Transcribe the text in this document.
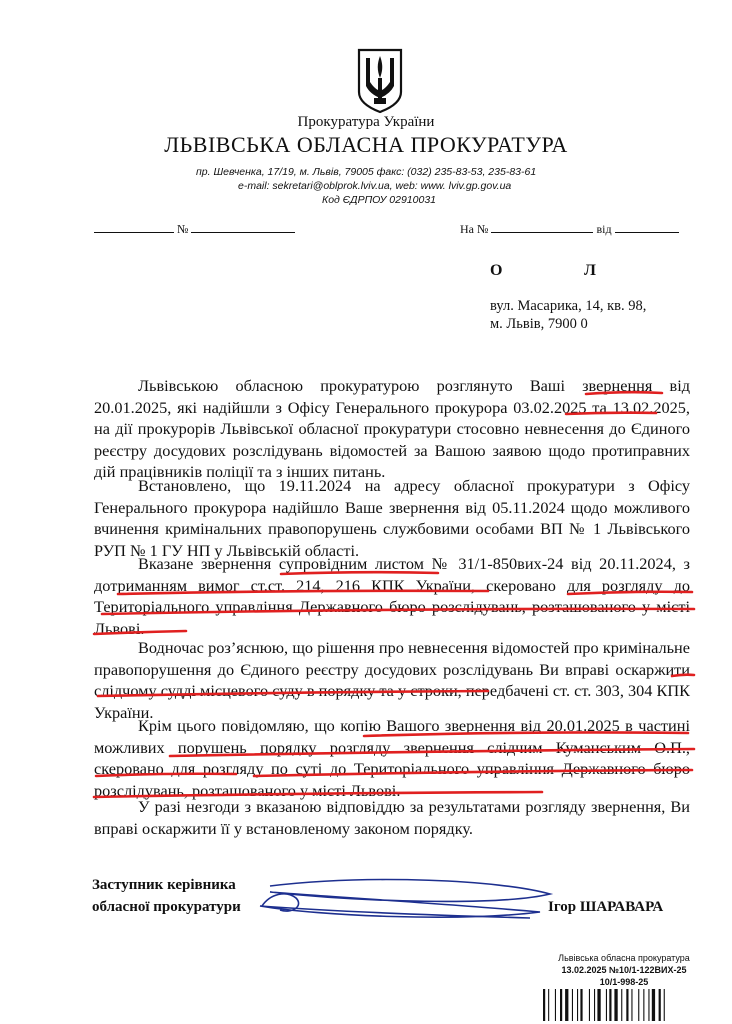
Прокуратура України
ЛЬВІВСЬКА ОБЛАСНА ПРОКУРАТУРА
пр. Шевченка, 17/19, м. Львів, 79005 факс: (032) 235-83-53, 235-83-61
e-mail: sekretari@oblprok.lviv.ua, web: www. lviv.gp.gov.ua
Код ЄДРПОУ 02910031
№	На №	від
О	Л
вул. Масарика, 14, кв. 98,
м. Львів, 7900 0
Львівською обласною прокуратурою розглянуто Ваші звернення від 20.01.2025, які надійшли з Офісу Генерального прокурора 03.02.2025 та 13.02.2025, на дії прокурорів Львівської обласної прокуратури стосовно невнесення до Єдиного реєстру досудових розслідувань відомостей за Вашою заявою щодо протиправних дій працівників поліції та з інших питань.
Встановлено, що 19.11.2024 на адресу обласної прокуратури з Офісу Генерального прокурора надійшло Ваше звернення від 05.11.2024 щодо можливого вчинення кримінальних правопорушень службовими особами ВП № 1 Львівського РУП № 1 ГУ НП у Львівській області.
Вказане звернення супровідним листом № 31/1-850вих-24 від 20.11.2024, з дотриманням вимог ст.ст. 214, 216 КПК України, скеровано для розгляду до Територіального управління Державного бюро розслідувань, розташованого у місті Львові.
Водночас роз’яснюю, що рішення про невнесення відомостей про кримінальне правопорушення до Єдиного реєстру досудових розслідувань Ви вправі оскаржити слідчому судді місцевого суду в порядку та у строки, передбачені ст. ст. 303, 304 КПК України.
Крім цього повідомляю, що копію Вашого звернення від 20.01.2025 в частині можливих порушень порядку розгляду звернення слідчим Куманським О.П., скеровано для розгляду по суті до Територіального управління Державного бюро розслідувань, розташованого у місті Львові.
У разі незгоди з вказаною відповіддю за результатами розгляду звернення, Ви вправі оскаржити її у встановленому законом порядку.
Заступник керівника
обласної прокуратури	Ігор ШАРАВАРА
Львівська обласна прокуратура
13.02.2025 №10/1-122ВИХ-25
10/1-998-25
